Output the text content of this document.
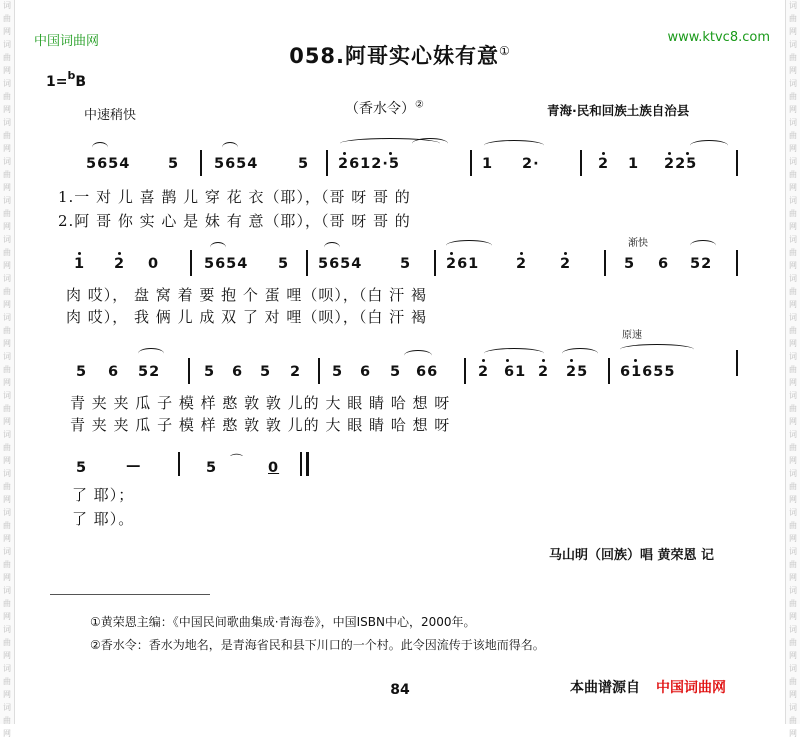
词
曲
网
词
曲
网
词
曲
网
词
曲
网
词
曲
网
词
曲
网
词
曲
网
词
曲
网
词
曲
网
词
曲
网
词
曲
网
词
曲
网
词
曲
网
词
曲
网
词
曲
网
词
曲
网
词
曲
网
词
曲
网
词
曲
网
词
曲
网
词
曲
网
词
曲
网
词
曲
网
词
曲
网
词
曲
网
词
曲
网
词
曲
网
词
曲
网
词
曲
网
词
曲
网
词
曲
网
词
曲
网
词
曲
网
词
曲
网
词
曲
网
词
曲
网
词
曲
网
词
曲
网
中国词曲网	www.ktvc8.com
058.阿哥实心妹有意①
1=$^b$B
中速稍快	（香水令）②	青海·民和回族土族自治县
5654	5 5654	5 2612·5	1 2·	2 1 225
1.一 对 儿 喜 鹊 儿 穿 花 衣（耶），（哥 呀 哥 的
2.阿 哥 你 实 心 是 妹 有 意（耶），（哥 呀 哥 的
渐快
1 2 0	5654 5 5654	5 261	2 2	5 6 52
肉 哎）， 盘 窝 着 要 抱 个 蛋 哩（呗），（白 汗 褐
肉 哎）， 我 俩 儿 成 双 了 对 哩（呗），（白 汗 褐
原速
5 6 52	5 6 5 2 5 6 5 66	2 61 2 25 61655
青 夹 夹 瓜 子 模 样 憨 敦 敦 儿的 大 眼 睛 哈 想 呀
青 夹 夹 瓜 子 模 样 憨 敦 敦 儿的 大 眼 睛 哈 想 呀
5	—	5 ⌒ 0
了 耶）；
了 耶）。
马山明（回族）唱 黄荣恩 记
①黄荣恩主编：《中国民间歌曲集成·青海卷》，中国ISBN中心，2000年。
②香水令：香水为地名，是青海省民和县下川口的一个村。此令因流传于该地而得名。
84	本曲谱源自 中国词曲网
